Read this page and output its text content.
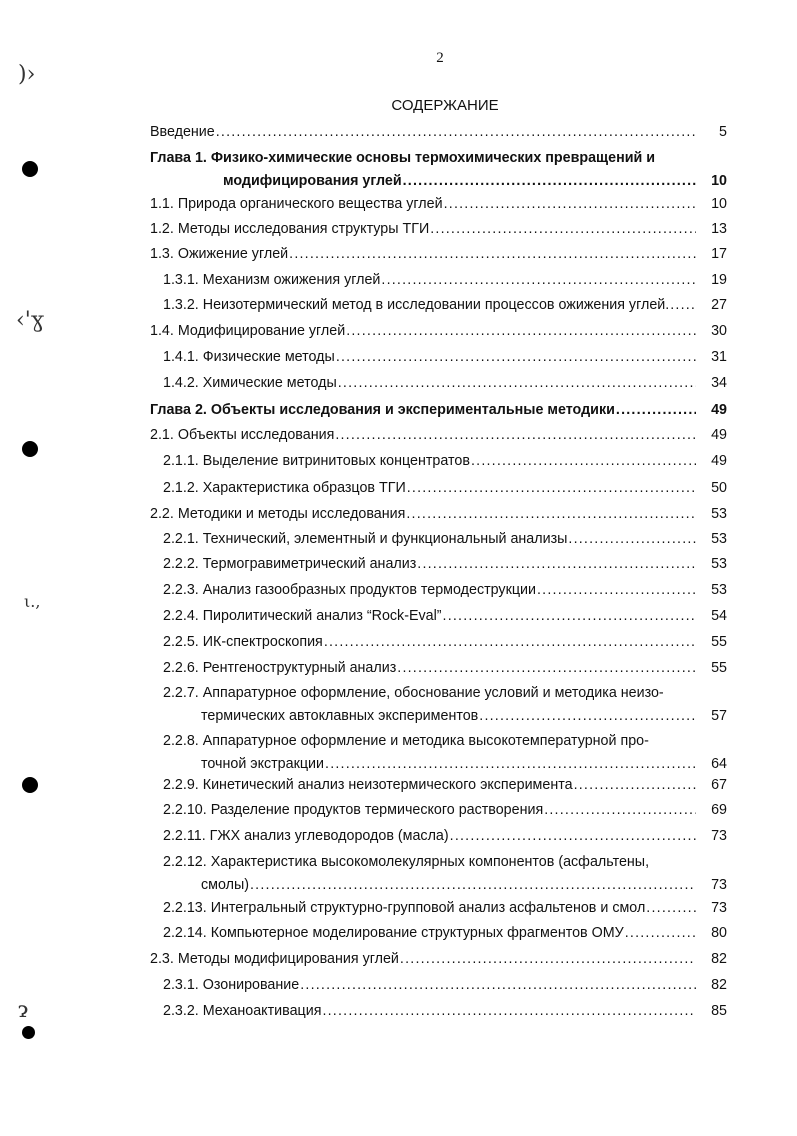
)›
‹'ɣ
ι.,
ɂ
2
СОДЕРЖАНИЕ
Введение .....	5
Глава 1. Физико-химические основы термохимических превращений и
модифицирования углей .....	10
1.1. Природа органического вещества углей .....	10
1.2. Методы исследования структуры ТГИ .....	13
1.3. Ожижение углей .....	17
1.3.1. Механизм ожижения углей .....	19
1.3.2. Неизотермический метод в исследовании процессов ожижения углей. .....	27
1.4. Модифицирование углей .....	30
1.4.1. Физические методы .....	31
1.4.2. Химические методы .....	34
Глава 2. Объекты исследования и экспериментальные методики .....	49
2.1. Объекты исследования .....	49
2.1.1. Выделение витринитовых концентратов .....	49
2.1.2. Характеристика образцов ТГИ .....	50
2.2. Методики и методы исследования .....	53
2.2.1. Технический, элементный и функциональный анализы .....	53
2.2.2. Термогравиметрический анализ .....	53
2.2.3. Анализ газообразных продуктов термодеструкции .....	53
2.2.4. Пиролитический анализ “Rock-Eval” .....	54
2.2.5. ИК-спектроскопия .....	55
2.2.6. Рентгеноструктурный анализ .....	55
2.2.7. Аппаратурное оформление, обоснование условий и методика неизо-
термических автоклавных экспериментов .....	57
2.2.8. Аппаратурное оформление и методика высокотемпературной про-
точной экстракции .....	64
2.2.9. Кинетический анализ неизотермического эксперимента .....	67
2.2.10. Разделение продуктов термического растворения .....	69
2.2.11. ГЖХ анализ углеводородов (масла) .....	73
2.2.12. Характеристика высокомолекулярных компонентов (асфальтены,
смолы) .....	73
2.2.13. Интегральный структурно-групповой анализ асфальтенов и смол .....	73
2.2.14. Компьютерное моделирование структурных фрагментов ОМУ .....	80
2.3. Методы модифицирования углей .....	82
2.3.1. Озонирование .....	82
2.3.2. Механоактивация .....	85
